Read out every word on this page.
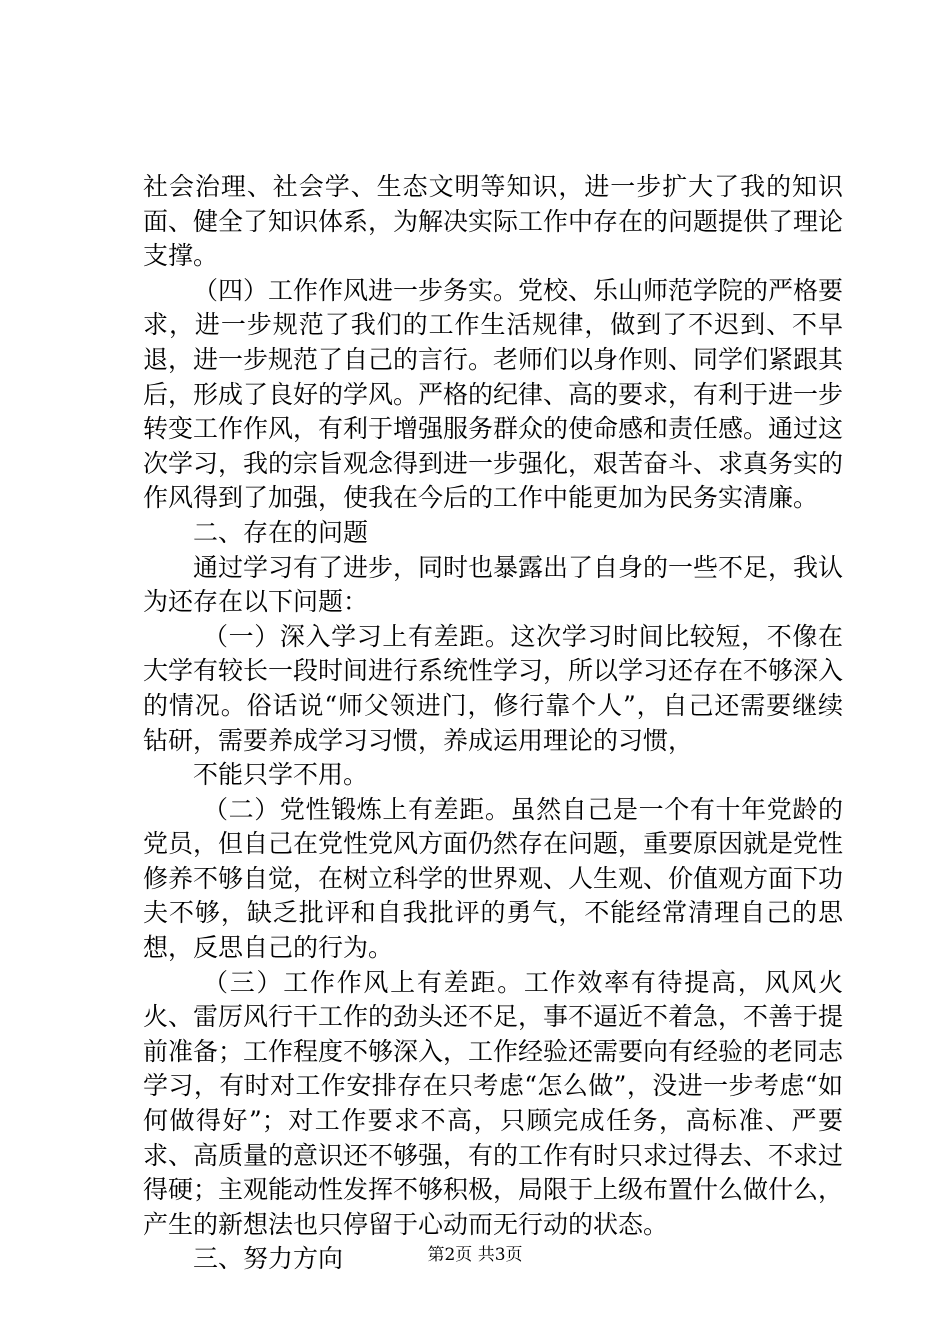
社会治理、社会学、生态文明等知识，进一步扩大了我的知识面、健全了知识体系，为解决实际工作中存在的问题提供了理论支撑。

（四）工作作风进一步务实。党校、乐山师范学院的严格要求，进一步规范了我们的工作生活规律，做到了不迟到、不早退，进一步规范了自己的言行。老师们以身作则、同学们紧跟其后，形成了良好的学风。严格的纪律、高的要求，有利于进一步转变工作作风，有利于增强服务群众的使命感和责任感。通过这次学习，我的宗旨观念得到进一步强化，艰苦奋斗、求真务实的作风得到了加强，使我在今后的工作中能更加为民务实清廉。

二、存在的问题

通过学习有了进步，同时也暴露出了自身的一些不足，我认为还存在以下问题：

（一）深入学习上有差距。这次学习时间比较短，不像在大学有较长一段时间进行系统性学习，所以学习还存在不够深入的情况。俗话说“师父领进门，修行靠个人”，自己还需要继续钻研，需要养成学习习惯，养成运用理论的习惯，

不能只学不用。

（二）党性锻炼上有差距。虽然自己是一个有十年党龄的党员，但自己在党性党风方面仍然存在问题，重要原因就是党性修养不够自觉，在树立科学的世界观、人生观、价值观方面下功夫不够，缺乏批评和自我批评的勇气，不能经常清理自己的思想，反思自己的行为。

（三）工作作风上有差距。工作效率有待提高，风风火火、雷厉风行干工作的劲头还不足，事不逼近不着急，不善于提前准备；工作程度不够深入，工作经验还需要向有经验的老同志学习，有时对工作安排存在只考虑“怎么做”，没进一步考虑“如何做得好”；对工作要求不高，只顾完成任务，高标准、严要求、高质量的意识还不够强，有的工作有时只求过得去、不求过得硬；主观能动性发挥不够积极，局限于上级布置什么做什么，产生的新想法也只停留于心动而无行动的状态。

三、努力方向	第2页 共3页
